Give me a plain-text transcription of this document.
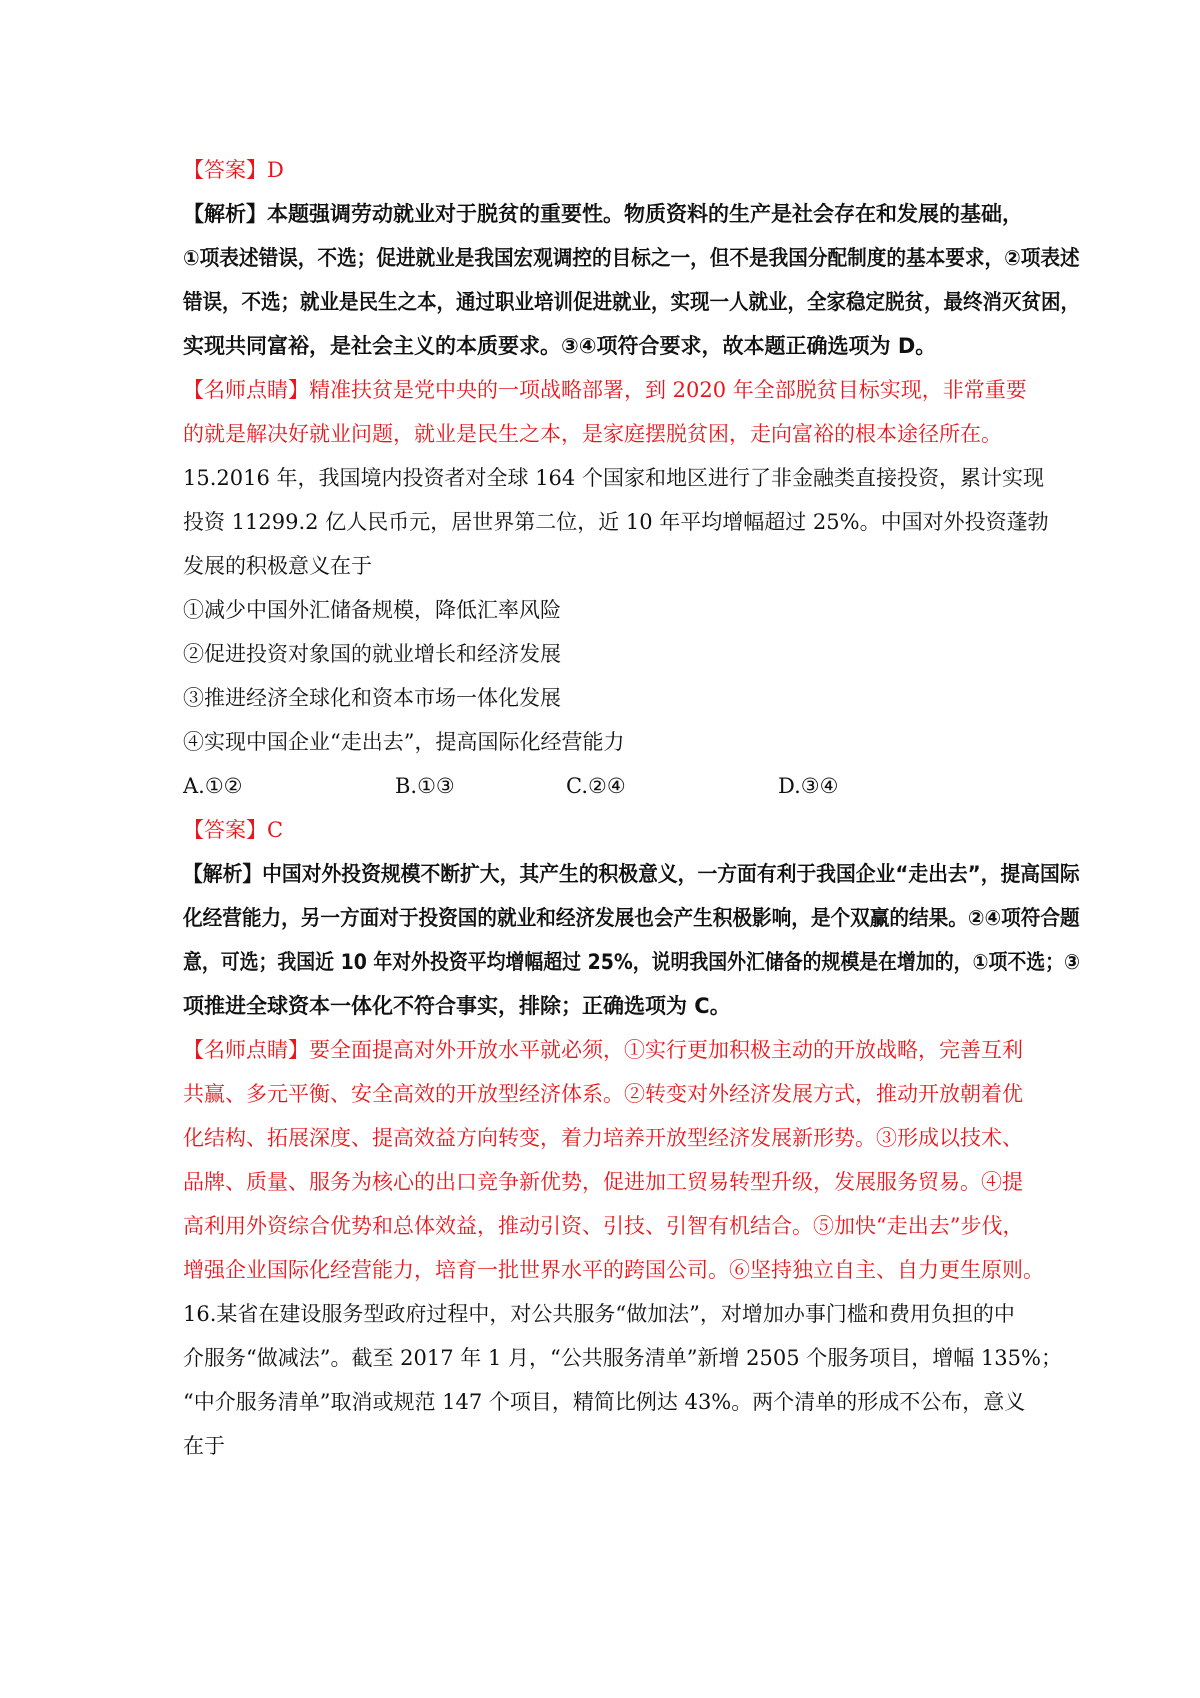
【答案】D
【解析】本题强调劳动就业对于脱贫的重要性。物质资料的生产是社会存在和发展的基础，
①项表述错误，不选；促进就业是我国宏观调控的目标之一，但不是我国分配制度的基本要求，②项表述
错误，不选；就业是民生之本，通过职业培训促进就业，实现一人就业，全家稳定脱贫，最终消灭贫困，
实现共同富裕，是社会主义的本质要求。③④项符合要求，故本题正确选项为 D。
【名师点睛】精准扶贫是党中央的一项战略部署，到 2020 年全部脱贫目标实现，非常重要
的就是解决好就业问题，就业是民生之本，是家庭摆脱贫困，走向富裕的根本途径所在。
15.2016 年，我国境内投资者对全球 164 个国家和地区进行了非金融类直接投资，累计实现
投资 11299.2 亿人民币元，居世界第二位，近 10 年平均增幅超过 25%。中国对外投资蓬勃
发展的积极意义在于
①减少中国外汇储备规模，降低汇率风险
②促进投资对象国的就业增长和经济发展
③推进经济全球化和资本市场一体化发展
④实现中国企业“走出去”，提高国际化经营能力
A.①②	B.①③	C.②④	D.③④
【答案】C
【解析】中国对外投资规模不断扩大，其产生的积极意义，一方面有利于我国企业“走出去”，提高国际
化经营能力，另一方面对于投资国的就业和经济发展也会产生积极影响，是个双赢的结果。②④项符合题
意，可选；我国近 10 年对外投资平均增幅超过 25%，说明我国外汇储备的规模是在增加的，①项不选；③
项推进全球资本一体化不符合事实，排除；正确选项为 C。
【名师点睛】要全面提高对外开放水平就必须，①实行更加积极主动的开放战略，完善互利
共赢、多元平衡、安全高效的开放型经济体系。②转变对外经济发展方式，推动开放朝着优
化结构、拓展深度、提高效益方向转变，着力培养开放型经济发展新形势。③形成以技术、
品牌、质量、服务为核心的出口竞争新优势，促进加工贸易转型升级，发展服务贸易。④提
高利用外资综合优势和总体效益，推动引资、引技、引智有机结合。⑤加快“走出去”步伐，
增强企业国际化经营能力，培育一批世界水平的跨国公司。⑥坚持独立自主、自力更生原则。
16.某省在建设服务型政府过程中，对公共服务“做加法”，对增加办事门槛和费用负担的中
介服务“做减法”。截至 2017 年 1 月，“公共服务清单”新增 2505 个服务项目，增幅 135%；
“中介服务清单”取消或规范 147 个项目，精简比例达 43%。两个清单的形成不公布，意义
在于
